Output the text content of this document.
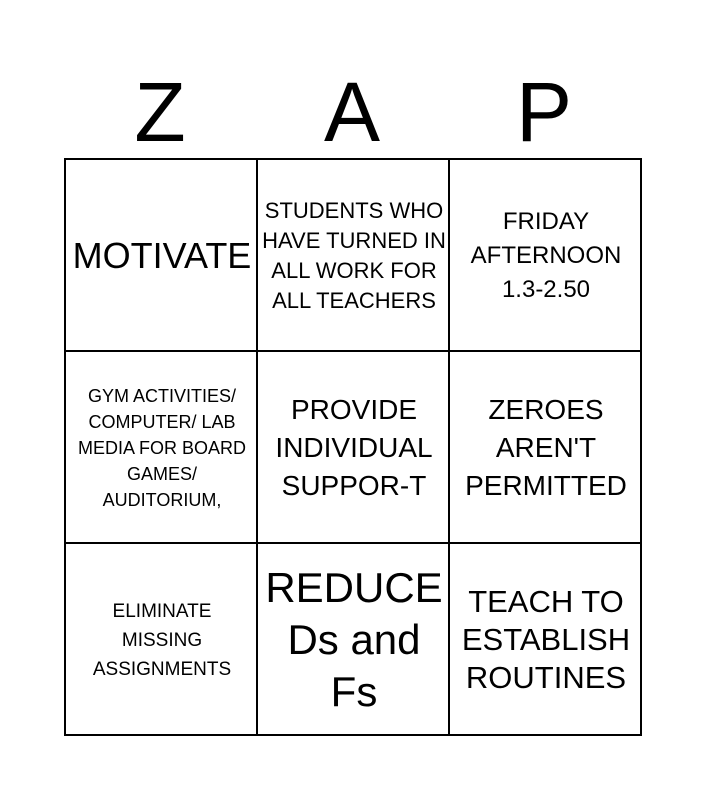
Z	A	P
MOTIVATE
STUDENTS WHO HAVE TURNED IN ALL WORK FOR ALL TEACHERS
FRIDAY AFTERNOON 1.3-2.50
GYM ACTIVITIES/ COMPUTER/ LAB MEDIA FOR BOARD GAMES/ AUDITORIUM,
PROVIDE INDIVIDUAL SUPPOR-T
ZEROES AREN'T PERMITTED
ELIMINATE MISSING ASSIGNMENTS
REDUCE Ds and Fs
TEACH TO ESTABLISH ROUTINES
